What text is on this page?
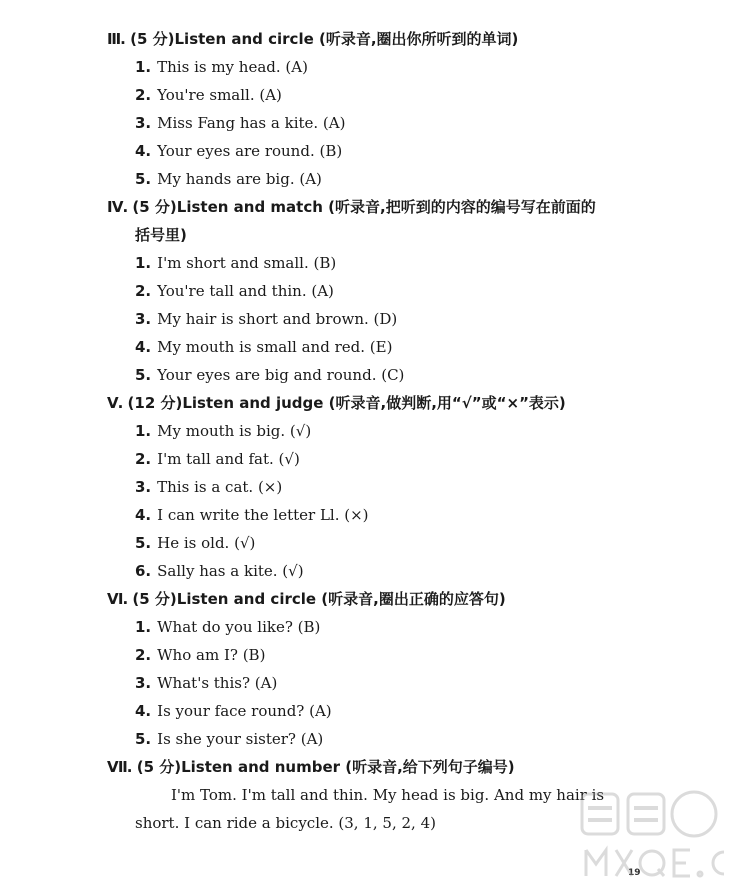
Ⅲ. (5 分)Listen and circle (听录音,圈出你所听到的单词)
1. This is my head. (A)
2. You're small. (A)
3. Miss Fang has a kite. (A)
4. Your eyes are round. (B)
5. My hands are big. (A)
Ⅳ. (5 分)Listen and match (听录音,把听到的内容的编号写在前面的
括号里)
1. I'm short and small. (B)
2. You're tall and thin. (A)
3. My hair is short and brown. (D)
4. My mouth is small and red. (E)
5. Your eyes are big and round. (C)
Ⅴ. (12 分)Listen and judge (听录音,做判断,用“√”或“×”表示)
1. My mouth is big. (√)
2. I'm tall and fat. (√)
3. This is a cat. (×)
4. I can write the letter Ll. (×)
5. He is old. (√)
6. Sally has a kite. (√)
Ⅵ. (5 分)Listen and circle (听录音,圈出正确的应答句)
1. What do you like? (B)
2. Who am I? (B)
3. What's this? (A)
4. Is your face round? (A)
5. Is she your sister? (A)
Ⅶ. (5 分)Listen and number (听录音,给下列句子编号)
I'm Tom. I'm tall and thin. My head is big. And my hair is
short. I can ride a bicycle. (3, 1, 5, 2, 4)
19
